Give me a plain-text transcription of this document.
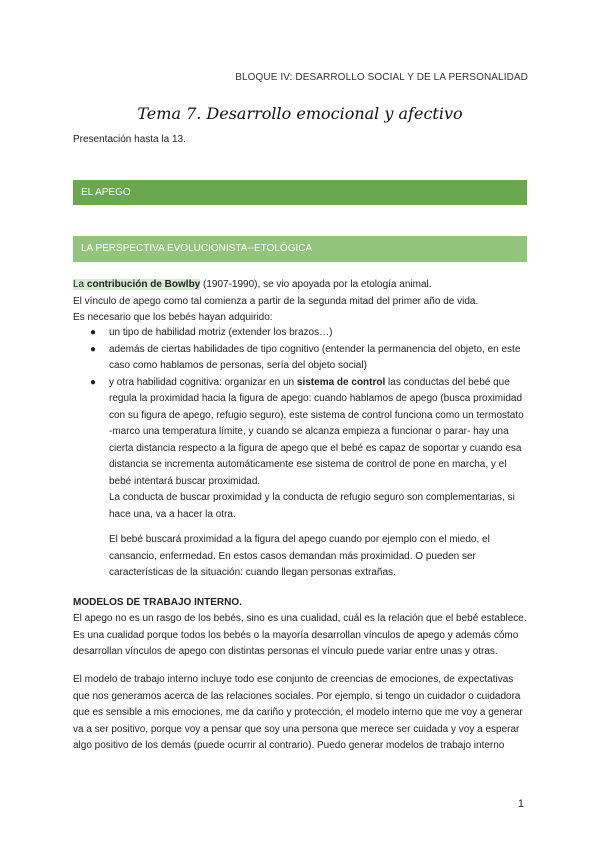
BLOQUE IV: DESARROLLO SOCIAL Y DE LA PERSONALIDAD
Tema 7. Desarrollo emocional y afectivo
Presentación hasta la 13.
EL APEGO
LA PERSPECTIVA EVOLUCIONISTA--ETOLÓGICA
La contribución de Bowlby (1907-1990), se vio apoyada por la etología animal.
El vínculo de apego como tal comienza a partir de la segunda mitad del primer año de vida.
Es necesario que los bebés hayan adquirido:
●	un tipo de habilidad motriz (extender los brazos…)
●	además de ciertas habilidades de tipo cognitivo (entender la permanencia del objeto, en este caso como hablamos de personas, sería del objeto social)
●	y otra habilidad cognitiva: organizar en un sistema de control las conductas del bebé que regula la proximidad hacia la figura de apego: cuando hablamos de apego (busca proximidad con su figura de apego, refugio seguro), este sistema de control funciona como un termostato -marco una temperatura límite, y cuando se alcanza empieza a funcionar o parar- hay una cierta distancia respecto a la figura de apego que el bebé es capaz de soportar y cuando esa distancia se incrementa automáticamente ese sistema de control de pone en marcha, y el bebé intentará buscar proximidad.
La conducta de buscar proximidad y la conducta de refugio seguro son complementarias, si hace una, va a hacer la otra.
El bebé buscará proximidad a la figura del apego cuando por ejemplo con el miedo, el cansancio, enfermedad. En estos casos demandan más proximidad. O pueden ser características de la situación: cuando llegan personas extrañas.
MODELOS DE TRABAJO INTERNO.
El apego no es un rasgo de los bebés, sino es una cualidad, cuál es la relación que el bebé establece. Es una cualidad porque todos los bebés o la mayoría desarrollan vínculos de apego y además cómo desarrollan vínculos de apego con distintas personas el vínculo puede variar entre unas y otras.
El modelo de trabajo interno incluye todo ese conjunto de creencias de emociones, de expectativas que nos generamos acerca de las relaciones sociales. Por ejemplo, si tengo un cuidador o cuidadora que es sensible a mis emociones, me da cariño y protección, el modelo interno que me voy a generar va a ser positivo, porque voy a pensar que soy una persona que merece ser cuidada y voy a esperar algo positivo de los demás (puede ocurrir al contrario). Puedo generar modelos de trabajo interno
1
